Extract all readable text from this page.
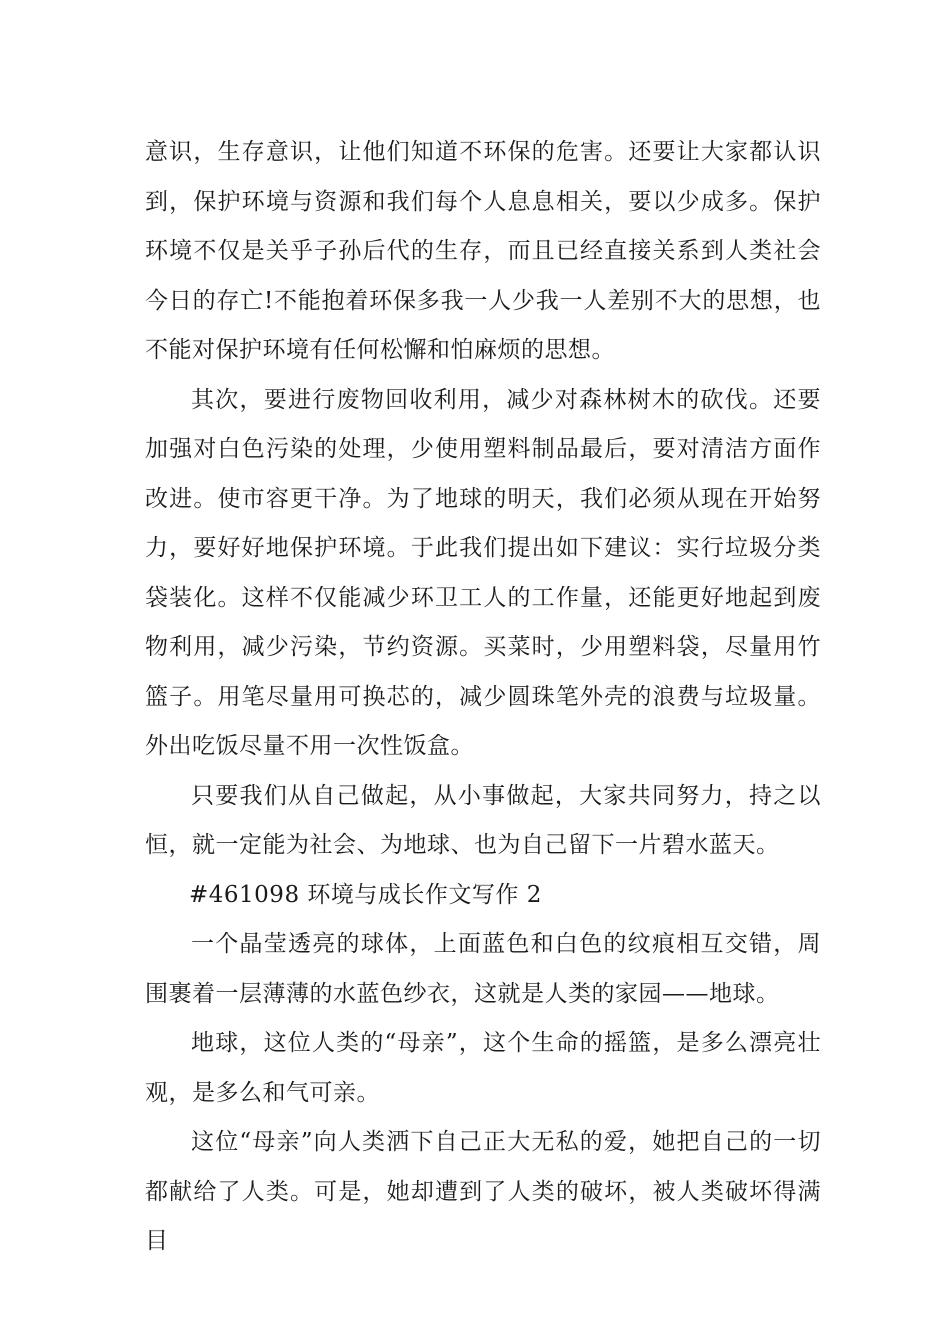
意识，生存意识，让他们知道不环保的危害。还要让大家都认识到，保护环境与资源和我们每个人息息相关，要以少成多。保护环境不仅是关乎子孙后代的生存，而且已经直接关系到人类社会今日的存亡!不能抱着环保多我一人少我一人差别不大的思想，也不能对保护环境有任何松懈和怕麻烦的思想。

其次，要进行废物回收利用，减少对森林树木的砍伐。还要加强对白色污染的处理，少使用塑料制品最后，要对清洁方面作改进。使市容更干净。为了地球的明天，我们必须从现在开始努力，要好好地保护环境。于此我们提出如下建议：实行垃圾分类袋装化。这样不仅能减少环卫工人的工作量，还能更好地起到废物利用，减少污染，节约资源。买菜时，少用塑料袋，尽量用竹篮子。用笔尽量用可换芯的，减少圆珠笔外壳的浪费与垃圾量。外出吃饭尽量不用一次性饭盒。

只要我们从自己做起，从小事做起，大家共同努力，持之以恒，就一定能为社会、为地球、也为自己留下一片碧水蓝天。

#461098 环境与成长作文写作 2

一个晶莹透亮的球体，上面蓝色和白色的纹痕相互交错，周围裹着一层薄薄的水蓝色纱衣，这就是人类的家园——地球。

地球，这位人类的“母亲”，这个生命的摇篮，是多么漂亮壮观，是多么和气可亲。

这位“母亲”向人类洒下自己正大无私的爱，她把自己的一切都献给了人类。可是，她却遭到了人类的破坏，被人类破坏得满目
